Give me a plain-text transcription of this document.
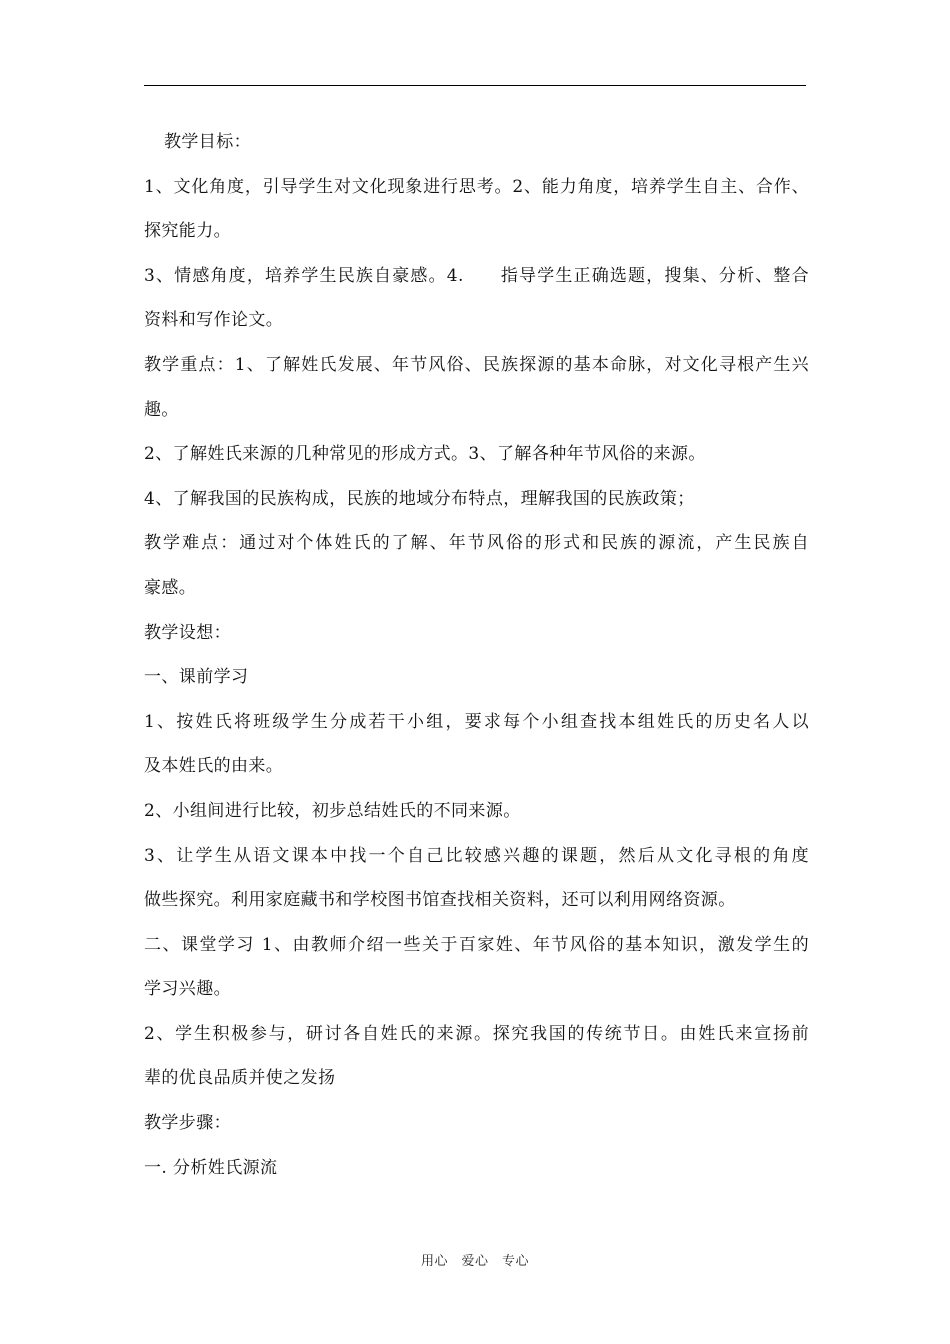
教学目标：
1、文化角度，引导学生对文化现象进行思考。2、能力角度，培养学生自主、合作、
探究能力。
3、情感角度，培养学生民族自豪感。4.　　指导学生正确选题，搜集、分析、整合
资料和写作论文。
教学重点：1、了解姓氏发展、年节风俗、民族探源的基本命脉，对文化寻根产生兴
趣。
2、了解姓氏来源的几种常见的形成方式。3、了解各种年节风俗的来源。
4、了解我国的民族构成，民族的地域分布特点，理解我国的民族政策；
教学难点：通过对个体姓氏的了解、年节风俗的形式和民族的源流，产生民族自
豪感。
教学设想：
一、课前学习
1、按姓氏将班级学生分成若干小组，要求每个小组查找本组姓氏的历史名人以
及本姓氏的由来。
2、小组间进行比较，初步总结姓氏的不同来源。
3、让学生从语文课本中找一个自己比较感兴趣的课题，然后从文化寻根的角度
做些探究。利用家庭藏书和学校图书馆查找相关资料，还可以利用网络资源。
二、课堂学习 1、由教师介绍一些关于百家姓、年节风俗的基本知识，激发学生的
学习兴趣。
2、学生积极参与，研讨各自姓氏的来源。探究我国的传统节日。由姓氏来宣扬前
辈的优良品质并使之发扬
教学步骤：
一. 分析姓氏源流
用心　爱心　专心
